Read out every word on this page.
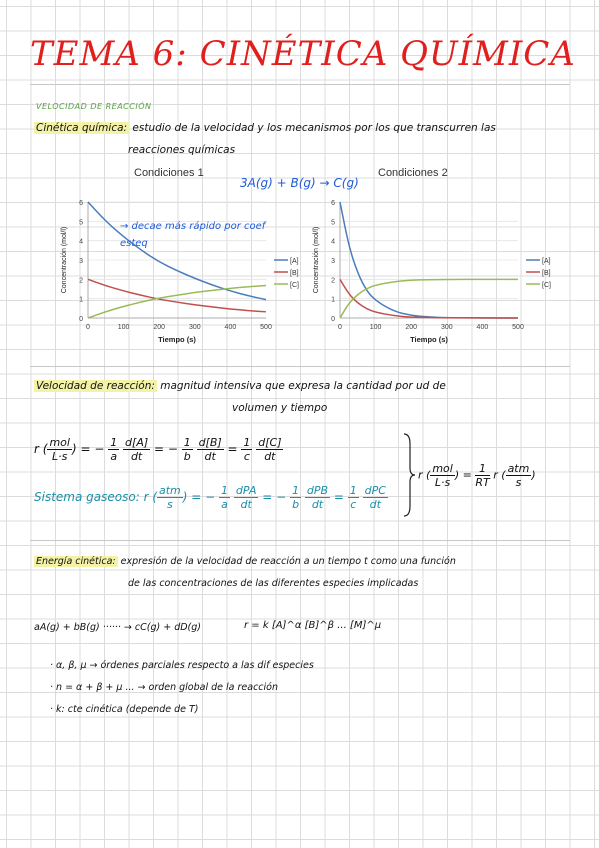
TEMA 6: CINÉTICA QUÍMICA
VELOCIDAD DE REACCIÓN
Cinética química: estudio de la velocidad y los mecanismos por los que transcurren las
reacciones químicas
3A(g) + B(g) → C(g)
Condiciones 1	Condiciones 2
0
1
2
3
4
5
6
0	100	200	300	400	500
Tiempo (s)
Concentración (mol/l)	[A]
[B]
[C]
0
1
2
3
4
5
6
0	100	200	300	400	500
Tiempo (s)
Concentración (mol/l)	[A]
[B]
[C]
→ decae más rápido por coef esteq
Velocidad de reacción: magnitud intensiva que expresa la cantidad por ud de
volumen y tiempo
r ( $\frac{\text{mol}}{L\cdot s}$ ) = − $\frac{1}{a}$
$\frac{d[A]}{dt}$ = − $\frac{1}{b}$
$\frac{d[B]}{dt} = \frac{1}{c}$
$\frac{d[C]}{dt}$
Sistema gaseoso: r ( $\frac{\text{atm}}{s}$ ) = − $\frac{1}{a}$
$\frac{\text{dPA}}{dt}$ = − $\frac{1}{b}$
$\frac{\text{dPB}}{dt} = \frac{1}{c}$
$\frac{\text{dPC}}{dt}$
r ( $\frac{\text{mol}}{L\cdot s}$ ) = $\frac{1}{RT}$ r ( $\frac{\text{atm}}{s}$ )
Energía cinética: expresión de la velocidad de reacción a un tiempo t como una función
de las concentraciones de las diferentes especies implicadas
aA(g) + bB(g) ······ → cC(g) + dD(g)	r = k [A]^α [B]^β ... [M]^μ
· α, β, μ → órdenes parciales respecto a las dif especies
· n = α + β + μ ... → orden global de la reacción
· k: cte cinética (depende de T)
